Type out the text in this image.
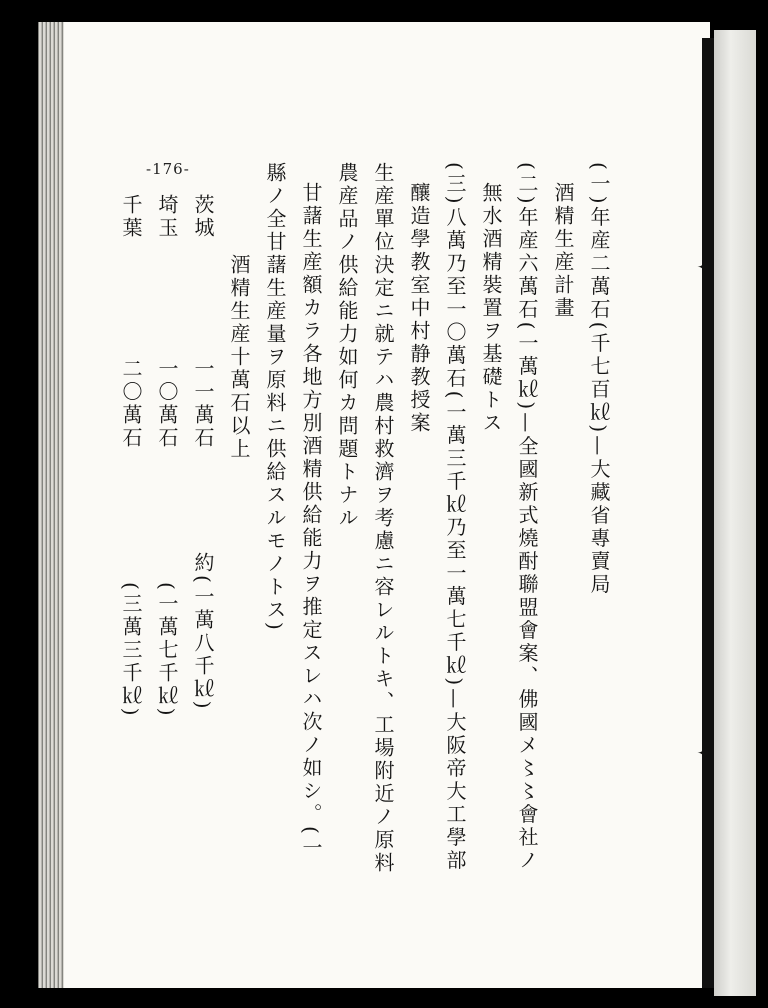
-176-	(一)年産二萬石(千七百㎘)—大藏省專賣局
酒精生産計畫
(二)年産六萬石(一萬㎘)—全國新式燒酎聯盟會案、佛國メ〻〻會社ノ
無水酒精裝置ヲ基礎トス
(三)八萬乃至一〇萬石(一萬三千㎘乃至一萬七千㎘)—大阪帝大工學部
釀造學教室中村静教授案
生産單位決定ニ就テハ農村救濟ヲ考慮ニ容レルトキ、工場附近ノ原料
農産品ノ供給能力如何カ問題トナル
甘藷生産額カラ各地方別酒精供給能力ヲ推定スレハ次ノ如シ。(一
縣ノ全甘藷生産量ヲ原料ニ供給スルモノトス)
酒精生産十萬石以上
茨城
一一萬石
約(一萬八千㎘)
埼玉
一〇萬石
(一萬七千㎘)
千葉
二〇萬石
(三萬三千㎘)
✦
✦
